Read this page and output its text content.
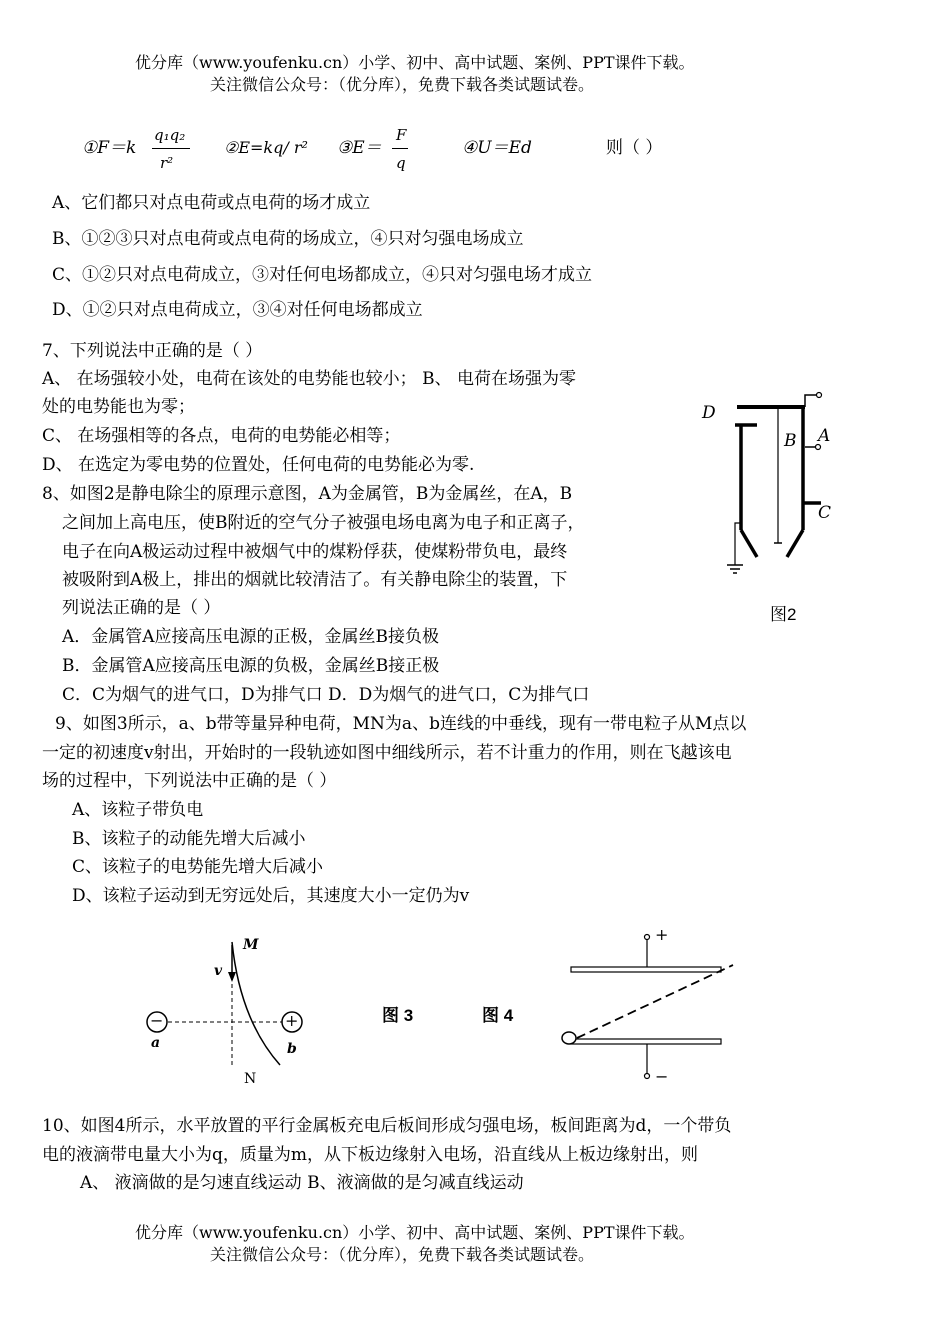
优分库（www.youfenku.cn）小学、初中、高中试题、案例、PPT课件下载。
关注微信公众号：（优分库），免费下载各类试题试卷。
①F＝k
q₁q₂
r²
②E=kq/ r² ③E＝
F
q
④U＝Ed	则（ ）
A、它们都只对点电荷或点电荷的场才成立
B、①②③只对点电荷或点电荷的场成立，④只对匀强电场成立
C、①②只对点电荷成立，③对任何电场都成立，④只对匀强电场才成立
D、①②只对点电荷成立，③④对任何电场都成立
7、下列说法中正确的是（ ）
A、 在场强较小处，电荷在该处的电势能也较小； B、 电荷在场强为零
处的电势能也为零；
C、 在场强相等的各点，电荷的电势能必相等；
D、 在选定为零电势的位置处，任何电荷的电势能必为零.
8、如图2是静电除尘的原理示意图，A为金属管，B为金属丝，在A，B
之间加上高电压，使B附近的空气分子被强电场电离为电子和正离子，
电子在向A极运动过程中被烟气中的煤粉俘获，使煤粉带负电，最终
被吸附到A极上，排出的烟就比较清洁了。有关静电除尘的装置，下
列说法正确的是（ ）
A．金属管A应接高压电源的正极，金属丝B接负极
B．金属管A应接高压电源的负极，金属丝B接正极
C．C为烟气的进气口，D为排气口 D．D为烟气的进气口，C为排气口
D
B A
C
图2
9、如图3所示，a、b带等量异种电荷，MN为a、b连线的中垂线，现有一带电粒子从M点以
一定的初速度v射出，开始时的一段轨迹如图中细线所示，若不计重力的作用，则在飞越该电
场的过程中，下列说法中正确的是（ ）
A、该粒子带负电
B、该粒子的动能先增大后减小
C、该粒子的电势能先增大后减小
D、该粒子运动到无穷远处后，其速度大小一定仍为v
−	+
M
v
N
a	b
图 3	图 4
+
−
10、如图4所示，水平放置的平行金属板充电后板间形成匀强电场，板间距离为d，一个带负
电的液滴带电量大小为q，质量为m，从下板边缘射入电场，沿直线从上板边缘射出，则
A、 液滴做的是匀速直线运动 B、液滴做的是匀减直线运动
优分库（www.youfenku.cn）小学、初中、高中试题、案例、PPT课件下载。
关注微信公众号：（优分库），免费下载各类试题试卷。
